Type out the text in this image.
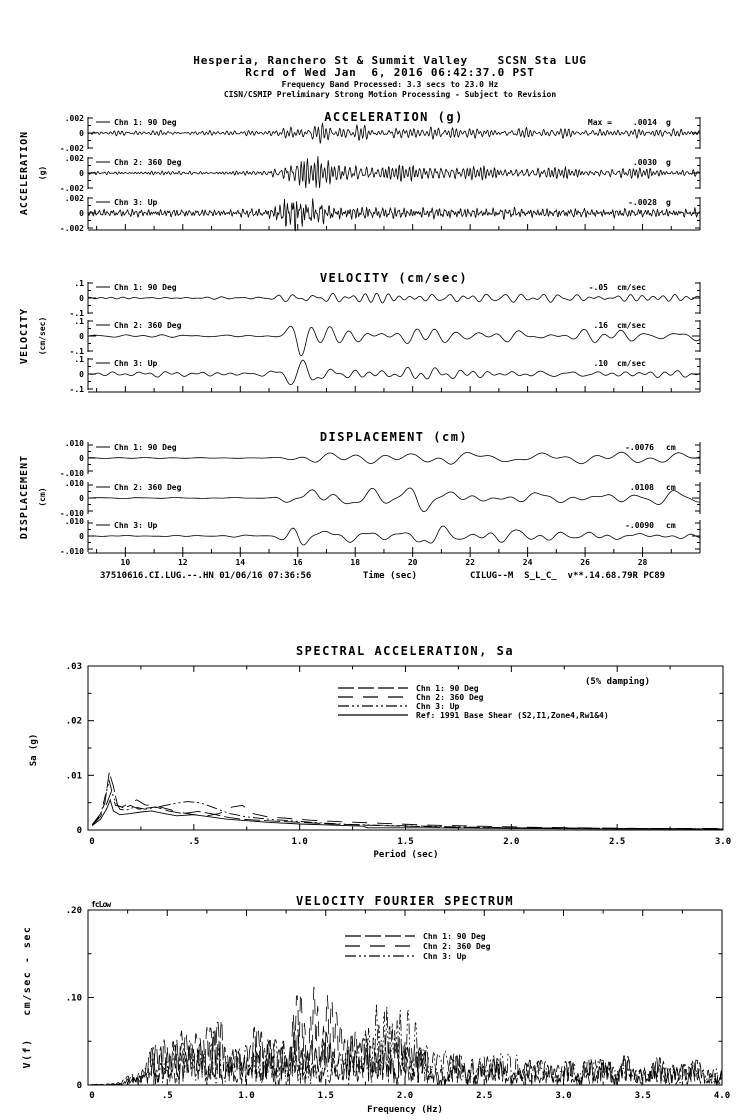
Hesperia, Ranchero St & Summit Valley    SCSN Sta LUG
Rcrd of Wed Jan  6, 2016 06:42:37.0 PST
Frequency Band Processed: 3.3 secs to 23.0 Hz
CISN/CSMIP Preliminary Strong Motion Processing - Subject to Revision
.002
0
-.002
Chn 1: 90 Deg	Max =	.0014 g
.002
0
-.002
Chn 2: 360 Deg	.0030 g
.002
0
-.002
Chn 3: Up	-.0028 g
.1
0
-.1
Chn 1: 90 Deg	-.05 cm/sec
.1
0
-.1
Chn 2: 360 Deg	.16 cm/sec
.1
0
-.1
Chn 3: Up	.10 cm/sec
10	12	14	16	18	20	22	24	26	28
.010
0
-.010
Chn 1: 90 Deg	-.0076 cm
.010
0
-.010
Chn 2: 360 Deg	.0108 cm
.010
0
-.010
Chn 3: Up	-.0090 cm
ACCELERATION (g)
VELOCITY (cm/sec)
DISPLACEMENT (cm)
ACCELERATION (g)
VELOCITY (cm/sec)
DISPLACEMENT (cm)
Time (sec)
37510616.CI.LUG.--.HN 01/06/16 07:36:56	CILUG--M  S_L_C_  v**.14.68.79R PC89
0	.5	1.0	1.5	2.0	2.5	3.0
.03
.02
.01
0
Chn 1: 90 Deg
Chn 2: 360 Deg
Chn 3: Up
Ref: 1991 Base Shear (S2,I1,Zone4,Rw1&4)
SPECTRAL ACCELERATION, Sa
(5% damping)
Sa (g)
Period (sec)
0	.5	1.0	1.5	2.0	2.5	3.0	3.5	4.0
.20
.10
0
Chn 1: 90 Deg
Chn 2: 360 Deg
Chn 3: Up
VELOCITY FOURIER SPECTRUM
fcLow
V(f)   cm/sec - sec
Frequency (Hz)
